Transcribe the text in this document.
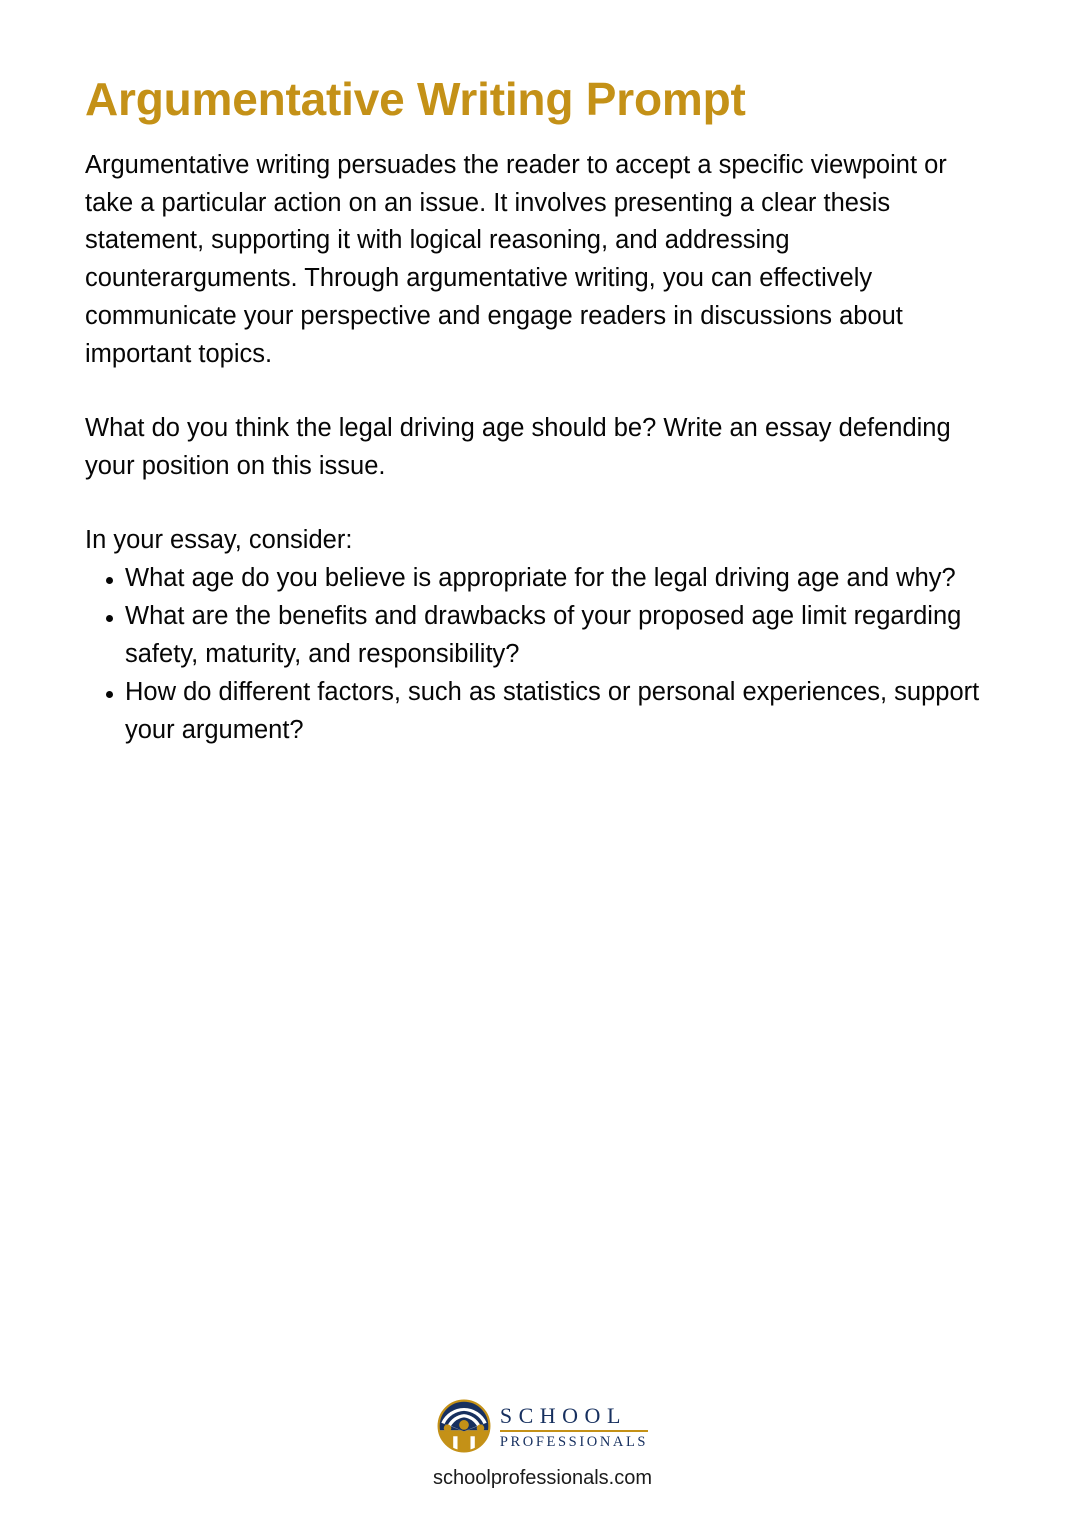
Argumentative Writing Prompt

Argumentative writing persuades the reader to accept a specific viewpoint or take a particular action on an issue. It involves presenting a clear thesis statement, supporting it with logical reasoning, and addressing counterarguments. Through argumentative writing, you can effectively communicate your perspective and engage readers in discussions about important topics.

What do you think the legal driving age should be? Write an essay defending your position on this issue.

In your essay, consider:

What age do you believe is appropriate for the legal driving age and why?
What are the benefits and drawbacks of your proposed age limit regarding safety, maturity, and responsibility?
How do different factors, such as statistics or personal experiences, support your argument?
SCHOOL
PROFESSIONALS
schoolprofessionals.com
